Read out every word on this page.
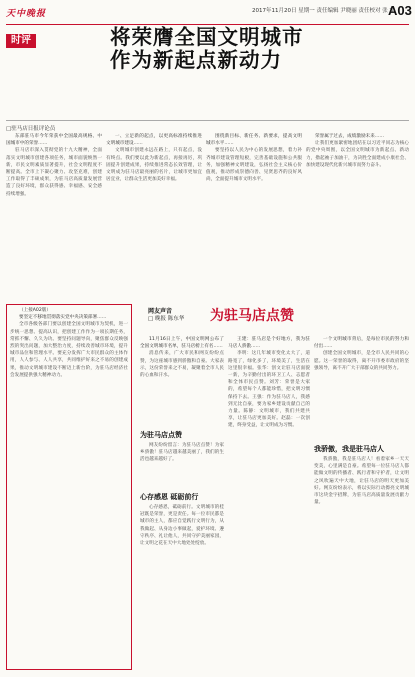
天中晚报	2017年11月20日 星期一 责任编辑 尹晓丽 责任校对 张 宇
A03
时评	将荣膺全国文明城市
作为新起点新动力
□驻马店日报评论员

东部驻马市今年荣获中全国最高规格、中国城市中的荣誉……

驻马店市深入贯彻党的十九大精神，全面落实文明城市创建各项任务，城市面貌焕然一新，市民文明素质显著提升，社会文明程度不断提高。全市上下凝心聚力、攻坚克难，创建工作取得了丰硕成果，为驻马店高质量发展营造了良好环境，群众获得感、幸福感、安全感持续增强。

一、立足新的起点，以更高标准持续推进文明城市建设……

文明城市创建永远在路上，只有起点，没有终点。我们要以此为新起点，再接再厉，巩固提升创建成果，持续推进常态长效管理，让文明成为驻马店最亮丽的名片，让城市更加宜居宜业，让群众生活更加美好幸福。

围绕新目标、新任务、新要求，提高文明城市水平……

要坚持以人民为中心的发展思想，着力补齐城市建设管理短板，完善基础设施和公共服务，加强精神文明建设，弘扬社会主义核心价值观，推动形成崇德向善、见贤思齐的良好风尚，全面提升城市文明水平。

荣誉属于过去，成绩激励未来……

让我们更加紧密地团结在以习近平同志为核心的党中央周围，以全国文明城市为新起点、新动力，撸起袖子加油干，为决胜全面建成小康社会、加快建设现代化新兴城市而努力奋斗。

（上接A02版）

要坚定不移地贯彻落实党中央决策部署……

全市各级各部门要以创建全国文明城市为契机，进一步统一思想、提高认识，把创建工作作为一项长期任务，常抓不懈、久久为功。要坚持问题导向，聚焦群众反映强烈的突出问题，加大整治力度，持续改善城市环境，提升城市品位和管理水平。要充分发挥广大市民群众的主体作用，人人参与、人人共享，共同维护好来之不易的创建成果，推动文明城市建设不断迈上新台阶，为驻马店经济社会发展提供强大精神动力。

网友声音
□ 晚报 陈东华 为驻马店点赞

11月16日上午，中国文明网公布了全国文明城市名单，驻马店榜上有名……

消息传来，广大市民和网友纷纷点赞，为这座城市感到骄傲和自豪。大家表示，这份荣誉来之不易，凝聚着全市人民的心血和汗水。

为驻马店点赞

网友纷纷留言：为驻马店点赞！为家乡骄傲！驻马店越来越美丽了，我们的生活也越来越好了。

心存感恩 砥砺前行

心存感恩，砥砺前行。文明城市的桂冠既是荣誉，更是责任。每一位市民都是城市的主人，都应自觉践行文明行为，从我做起、从身边小事做起，爱护环境、遵守秩序、礼让他人，共同守护美丽家园，让文明之花在天中大地处处绽放。

王建：驻马店是个好地方，我为驻马店人骄傲……

李明：这几年城市变化太大了，道路宽了，绿化多了，环境美了，生活在这里很幸福。张华：创文让驻马店面貌一新，为辛勤付出的环卫工人、志愿者和全体市民点赞。刘芳：荣誉是大家的，希望每个人都能珍惜，把文明习惯保持下去。王强：作为驻马店人，我感到无比自豪，要为家乡建设贡献自己的力量。陈静：文明城市，我们共建共享，让驻马店更加美好。赵磊：一次创建，终身受益，让文明成为习惯。

一个文明城市背后，是每位市民的努力和付出……

创建全国文明城市，是全市人民共同的心愿。这一荣誉的取得，离不开市委市政府的坚强领导，离不开广大干部群众的共同努力。

我骄傲，我是驻马店人

我骄傲，我是驻马店人！看着家乡一天天变美，心里满是自豪。希望每一位驻马店人都能做文明的传播者、践行者和守护者，让文明之风吹遍天中大地，让驻马店的明天更加美好。网友纷纷表示，将以实际行动擦亮文明城市这块金字招牌，为驻马店高质量发展贡献力量。
